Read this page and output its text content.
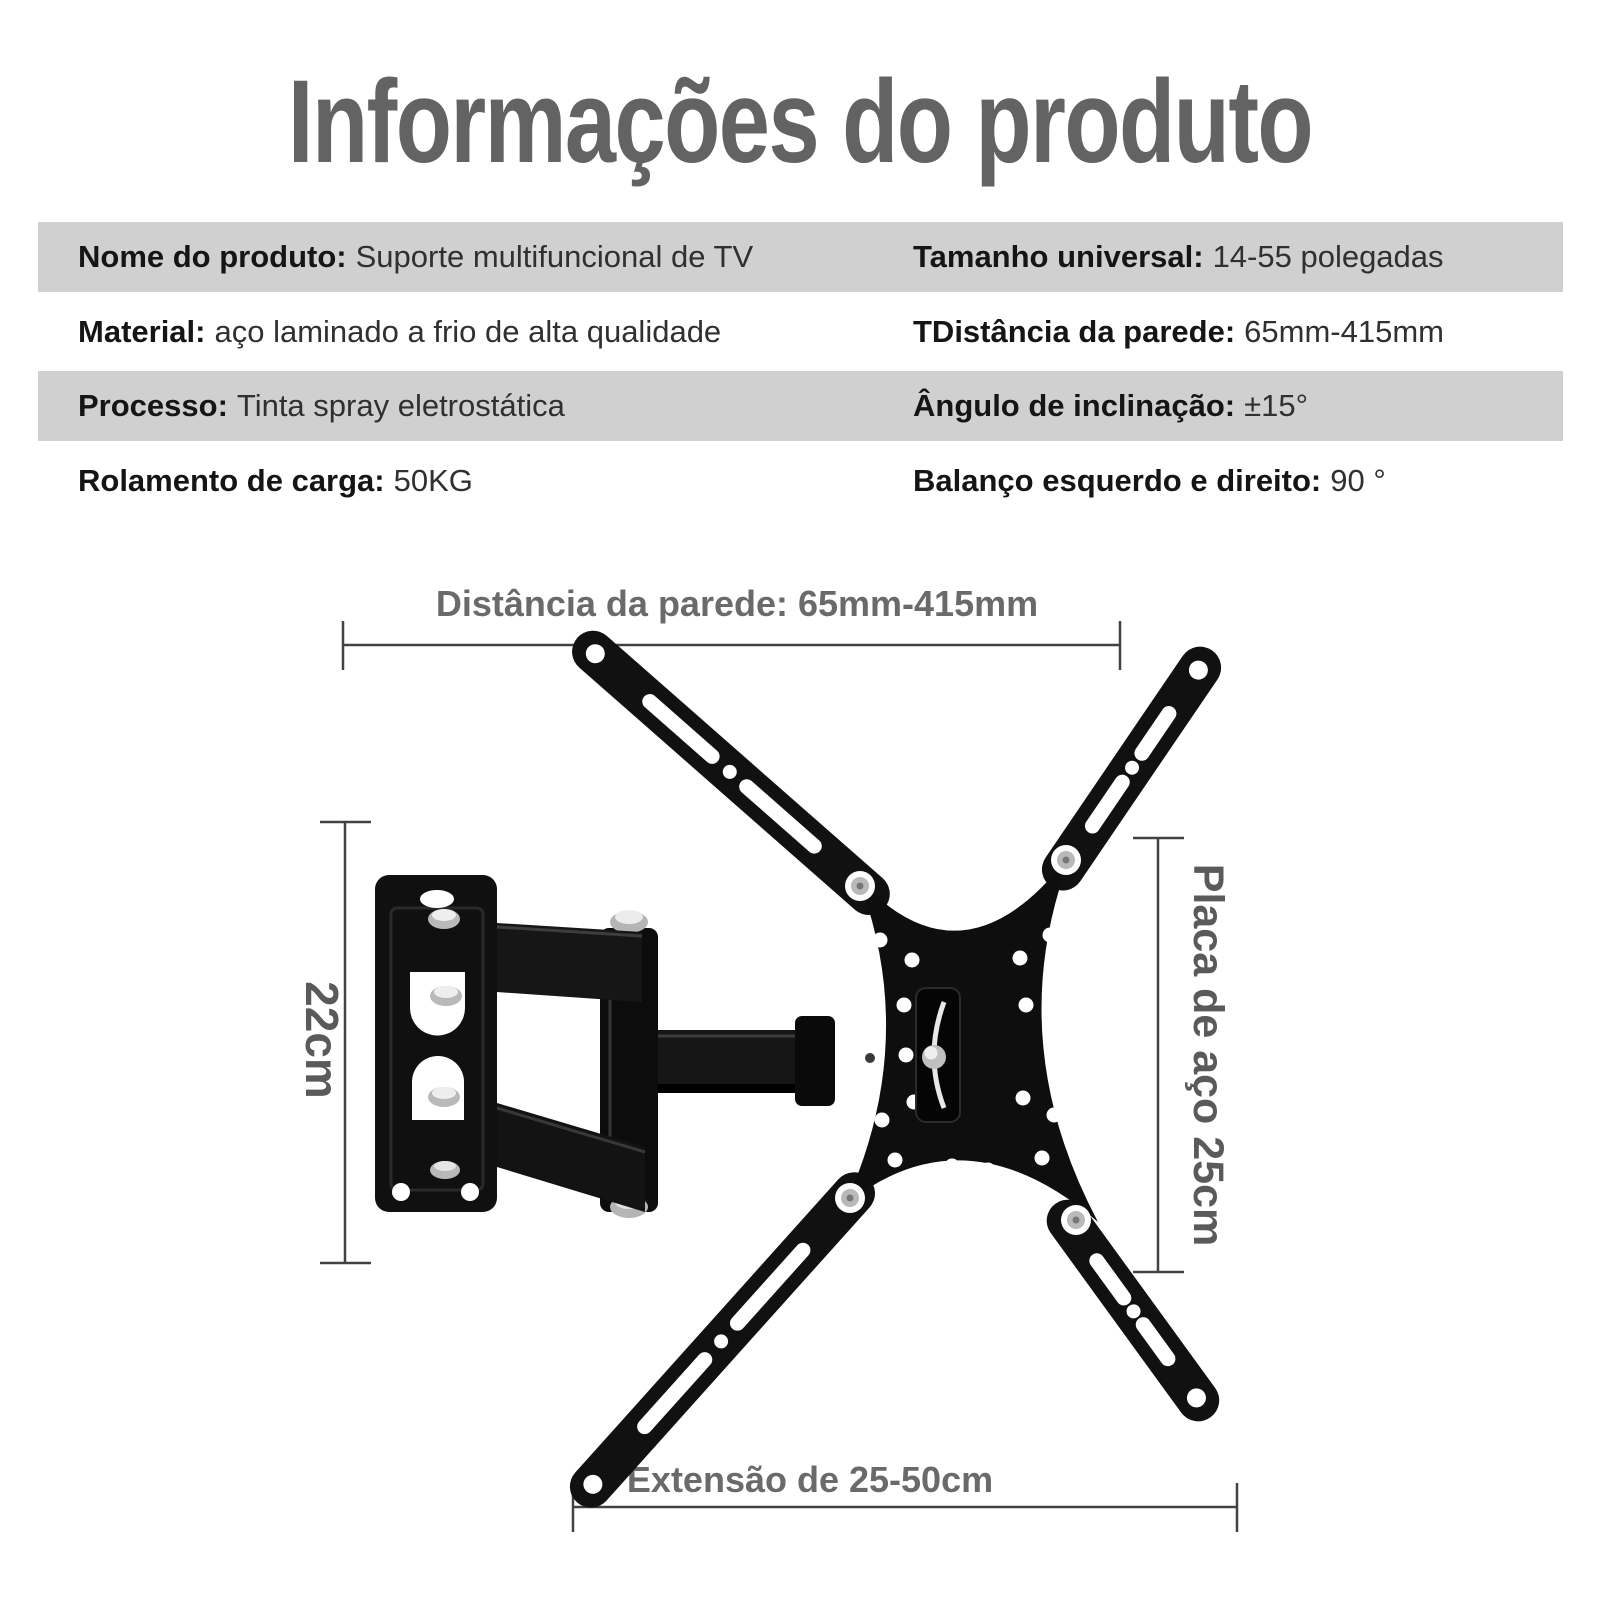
Informações do produto
Nome do produto: Suporte multifuncional de TV	Tamanho universal: 14-55 polegadas
Material: aço laminado a frio de alta qualidade	TDistância da parede: 65mm-415mm
Processo: Tinta spray eletrostática	Ângulo de inclinação: ±15°
Rolamento de carga: 50KG	Balanço esquerdo e direito: 90 °
Distância da parede: 65mm-415mm
22cm	Placa de aço 25cm
Extensão de 25-50cm
